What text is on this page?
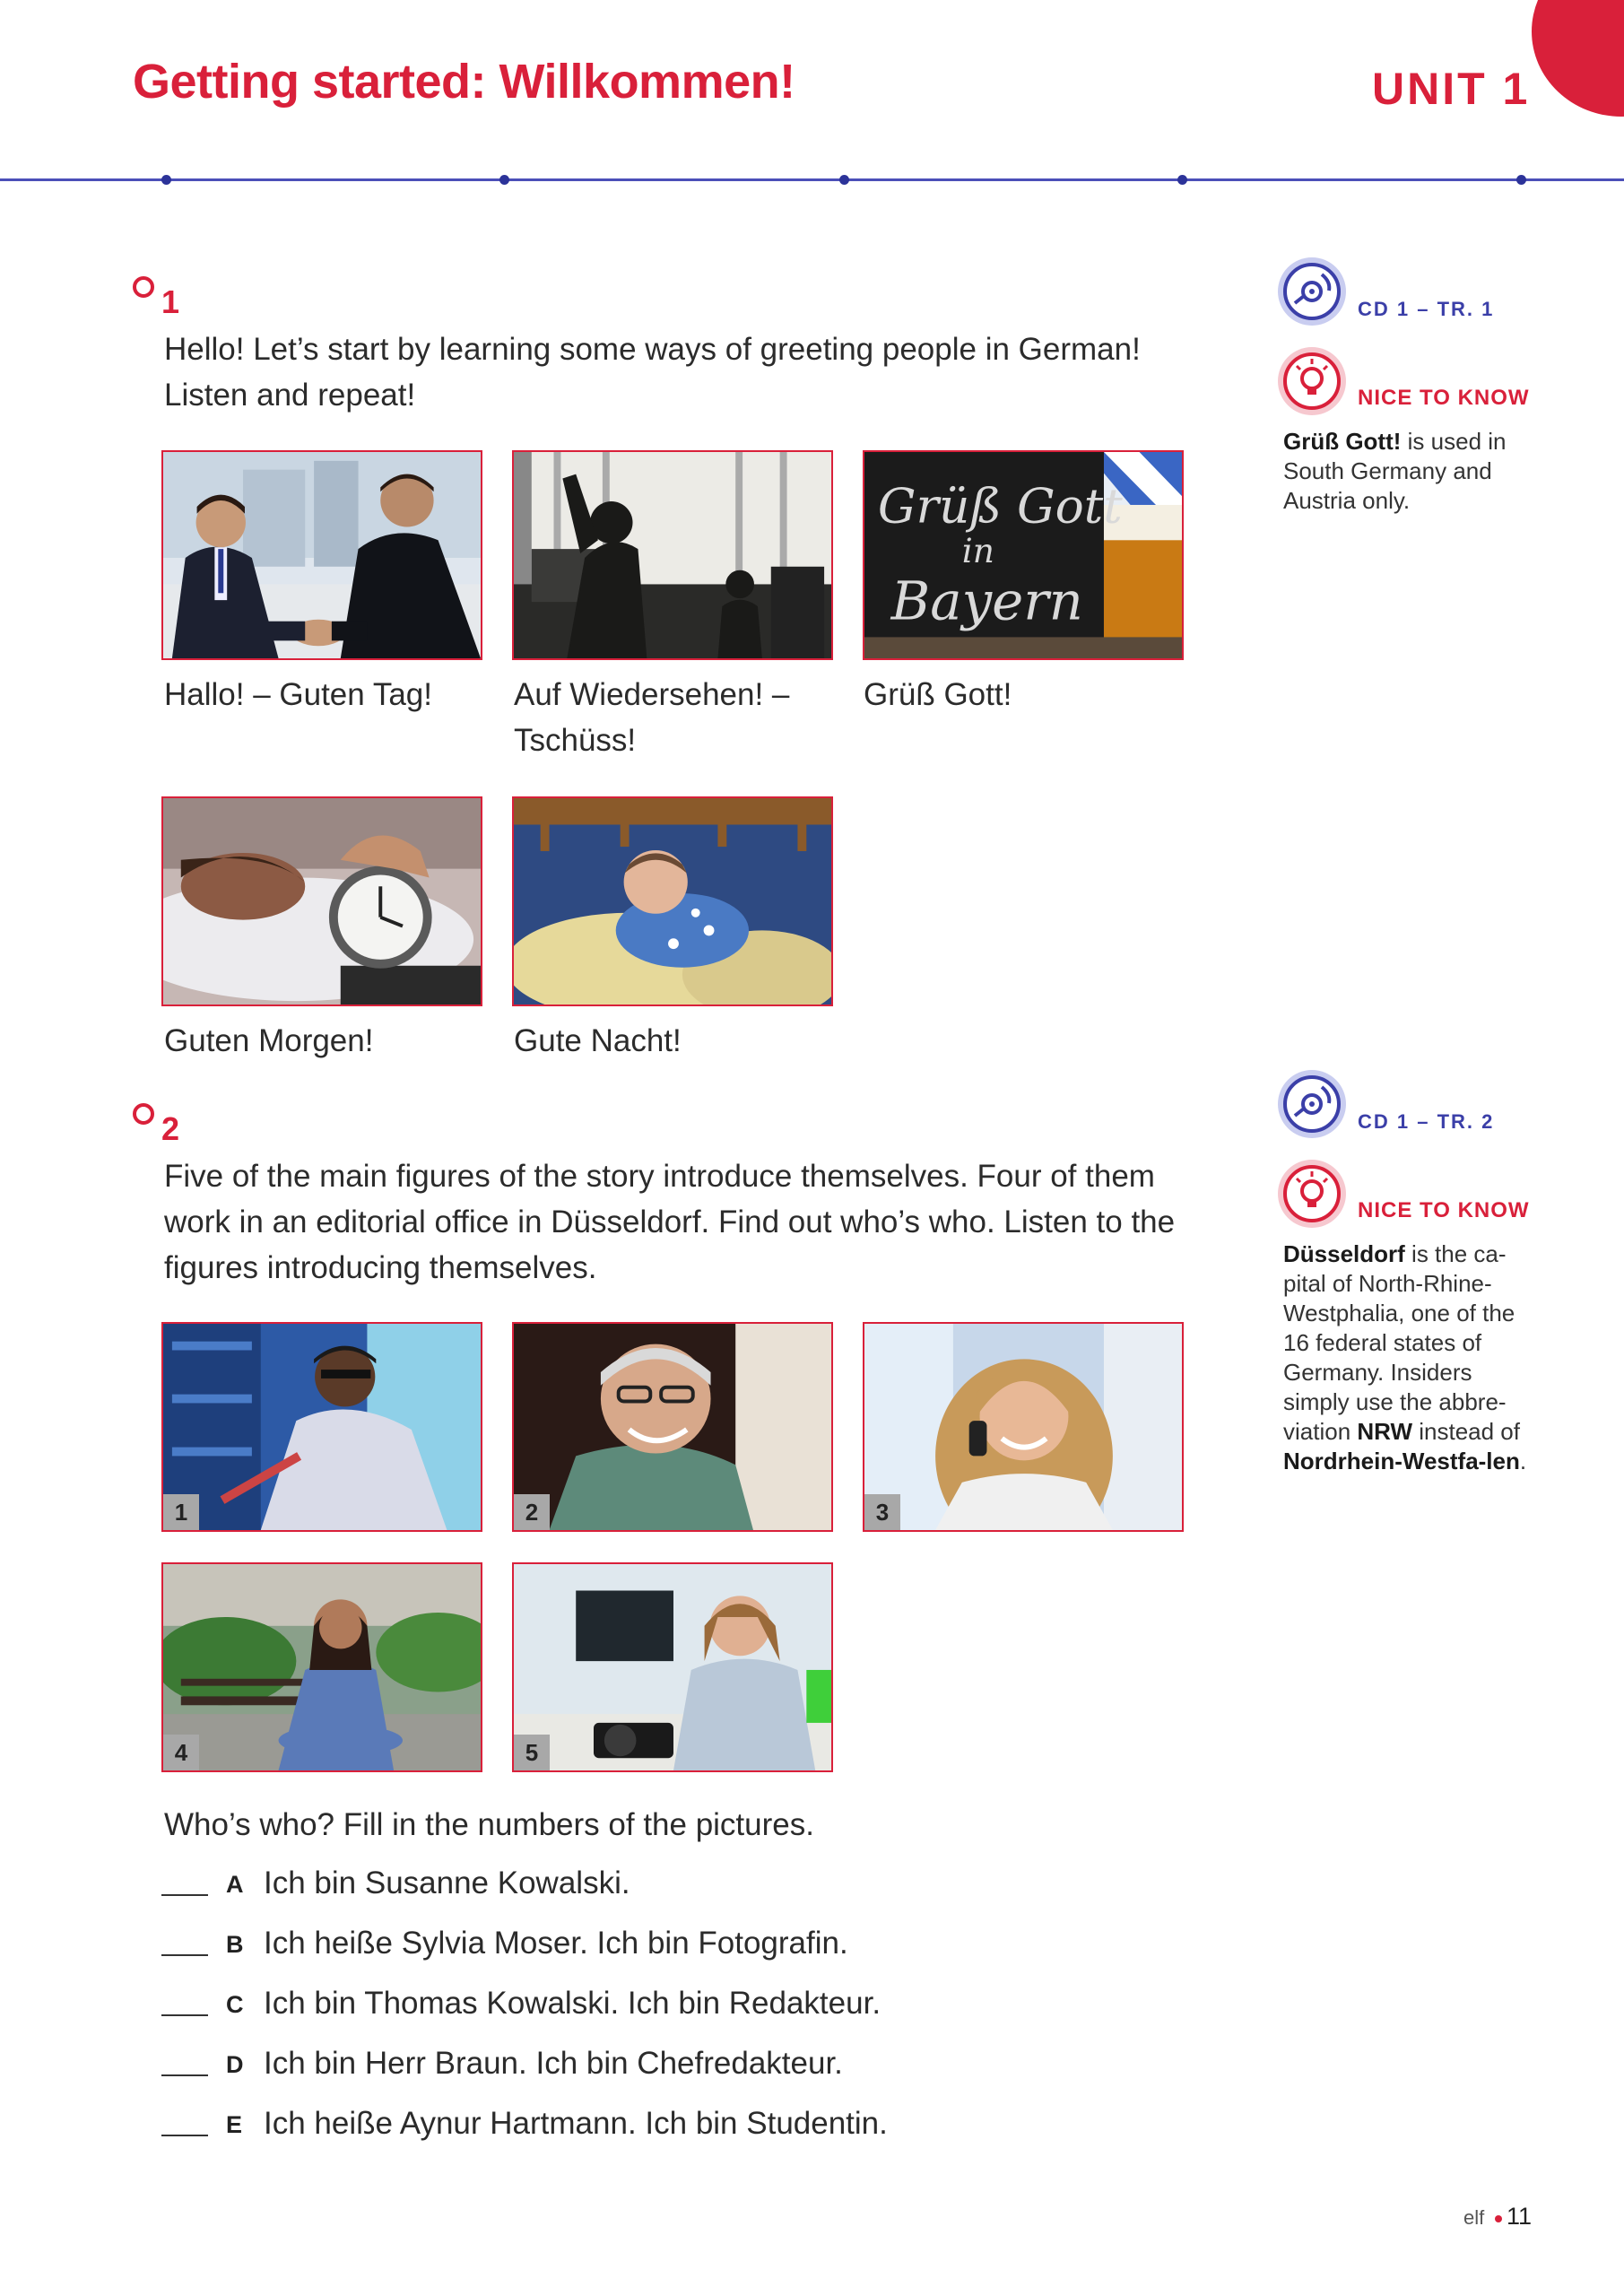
Getting started: Willkommen!	UNIT 1
1
Hello! Let’s start by learning some ways of greeting people in German!
Listen and repeat!
Grüß Gott
in
Bayern
Hallo! – Guten Tag!	Auf Wiedersehen! –
Tschüss!
Grüß Gott!
Guten Morgen!	Gute Nacht!
2
Five of the main figures of the story introduce themselves. Four of them
work in an editorial office in Düsseldorf. Find out who’s who. Listen to the
figures introducing themselves.
1	2	3
4	5
Who’s who? Fill in the numbers of the pictures.
A Ich bin Susanne Kowalski.
B Ich heiße Sylvia Moser. Ich bin Fotografin.
C Ich bin Thomas Kowalski. Ich bin Redakteur.
D Ich bin Herr Braun. Ich bin Chefredakteur.
E Ich heiße Aynur Hartmann. Ich bin Studentin.
CD 1 – TR. 1
NICE TO KNOW
Grüß Gott! is used in South Germany and Austria only.
CD 1 – TR. 2
NICE TO KNOW
Düsseldorf is the ca-pital of North-Rhine-Westphalia, one of the 16 federal states of Germany. Insiders simply use the abbre-viation NRW instead of Nordrhein-Westfa-len.
elf 11
